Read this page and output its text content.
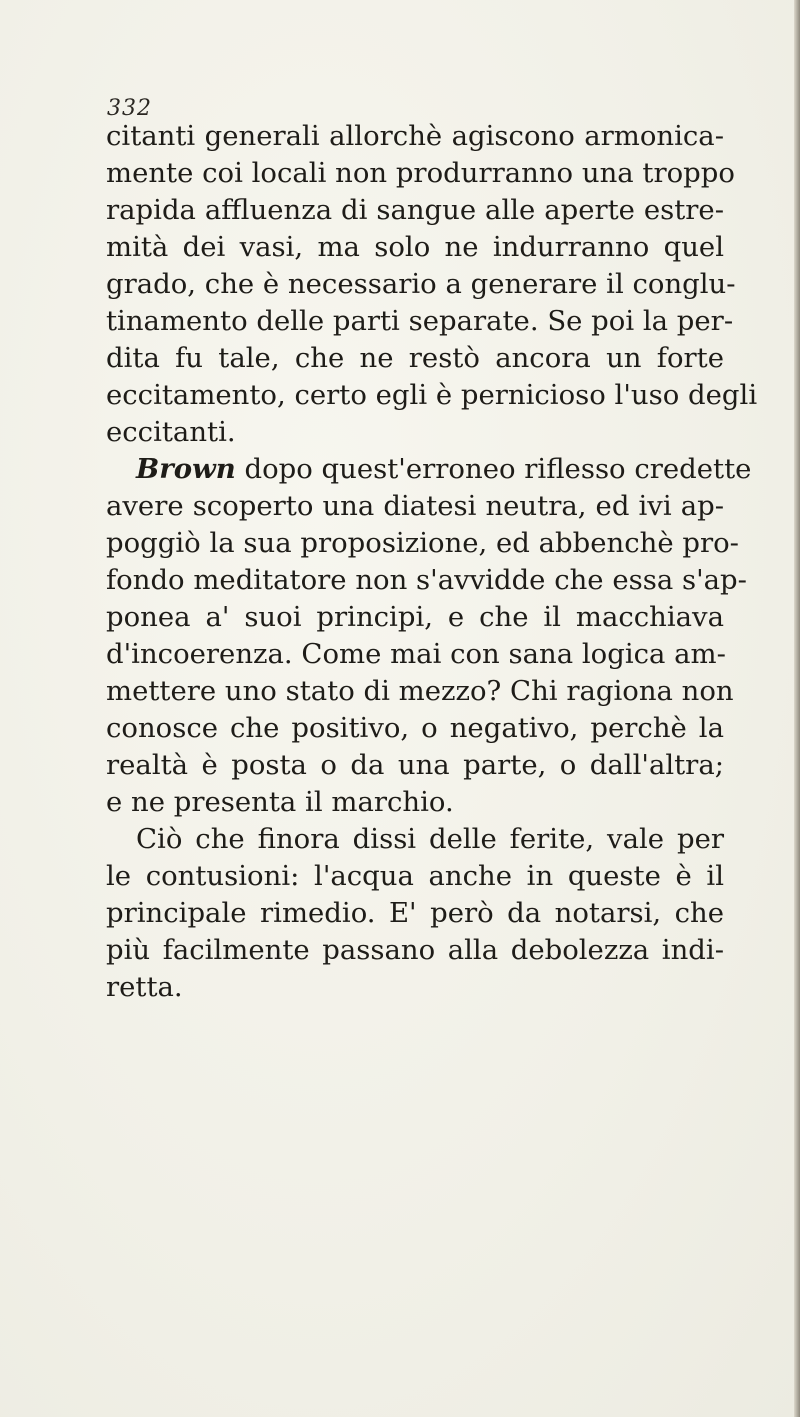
332
citanti generali allorchè agiscono armonica-
mente coi locali non produrranno una troppo
rapida affluenza di sangue alle aperte estre-
mità dei vasi, ma solo ne indurranno quel
grado, che è necessario a generare il conglu-
tinamento delle parti separate. Se poi la per-
dita fu tale, che ne restò ancora un forte
eccitamento, certo egli è pernicioso l'uso degli
eccitanti.
Brown dopo quest'erroneo riflesso credette
avere scoperto una diatesi neutra, ed ivi ap-
poggiò la sua proposizione, ed abbenchè pro-
fondo meditatore non s'avvidde che essa s'ap-
ponea a' suoi principi, e che il macchiava
d'incoerenza. Come mai con sana logica am-
mettere uno stato di mezzo? Chi ragiona non
conosce che positivo, o negativo, perchè la
realtà è posta o da una parte, o dall'altra;
e ne presenta il marchio.
Ciò che finora dissi delle ferite, vale per
le contusioni: l'acqua anche in queste è il
principale rimedio. E' però da notarsi, che
più facilmente passano alla debolezza indi-
retta.
